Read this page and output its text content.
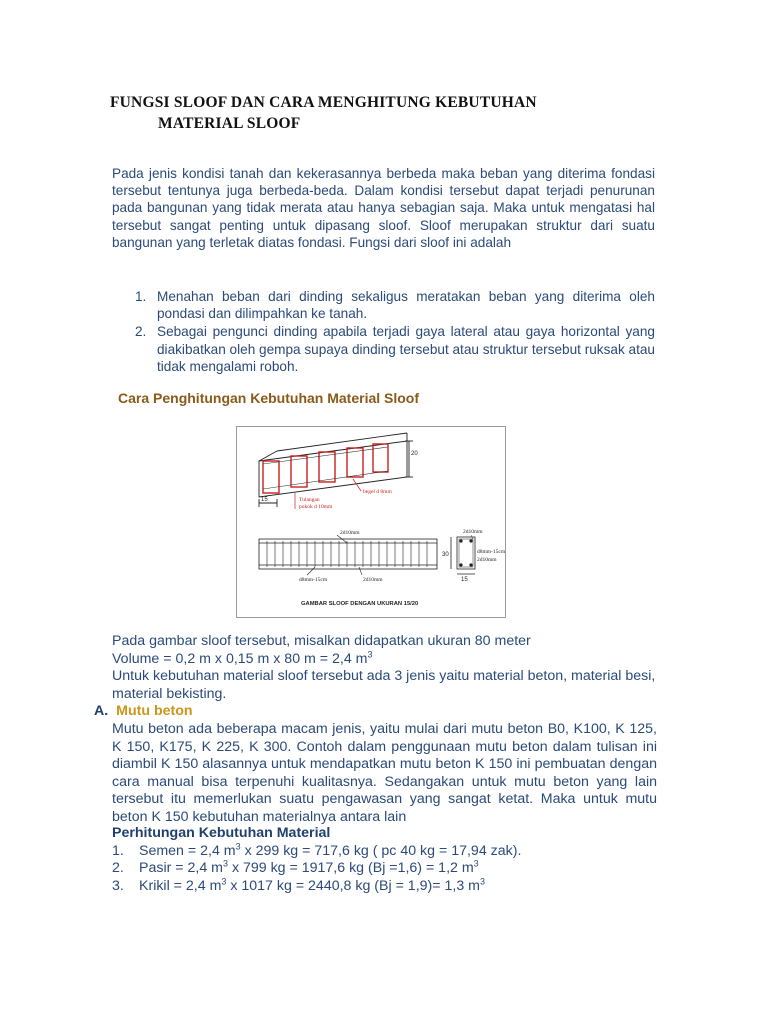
FUNGSI SLOOF DAN CARA MENGHITUNG KEBUTUHAN
MATERIAL SLOOF
Pada jenis kondisi tanah dan kekerasannya berbeda maka beban yang diterima fondasi tersebut tentunya juga berbeda-beda. Dalam kondisi tersebut dapat terjadi penurunan pada bangunan yang tidak merata atau hanya sebagian saja. Maka untuk mengatasi hal tersebut sangat penting untuk dipasang sloof. Sloof merupakan struktur dari suatu bangunan yang terletak diatas fondasi. Fungsi dari sloof ini adalah
1. Menahan beban dari dinding sekaligus meratakan beban yang diterima oleh pondasi dan dilimpahkan ke tanah.
2. Sebagai pengunci dinding apabila terjadi gaya lateral atau gaya horizontal yang diakibatkan oleh gempa supaya dinding tersebut atau struktur tersebut ruksak atau tidak mengalami roboh.
Cara Penghitungan Kebutuhan Material Sloof
20
15
begel d 8mm
Tulangan
pokok d 10mm
2d10mm
d8mm-15cm	2d10mm
2d10mm
d8mm-15cm
2d10mm
30
15
GAMBAR SLOOF DENGAN UKURAN 15/20
Pada gambar sloof tersebut, misalkan didapatkan ukuran 80 meter
Volume = 0,2 m x 0,15 m x 80 m = 2,4 $m^3$
Untuk kebutuhan material sloof tersebut ada 3 jenis yaitu material beton, material besi, material bekisting.
A. Mutu beton
Mutu beton ada beberapa macam jenis, yaitu mulai dari mutu beton B0, K100, K 125, K 150, K175, K 225, K 300. Contoh dalam penggunaan mutu beton dalam tulisan ini diambil K 150 alasannya untuk mendapatkan mutu beton K 150 ini pembuatan dengan cara manual bisa terpenuhi kualitasnya. Sedangakan untuk mutu beton yang lain tersebut itu memerlukan suatu pengawasan yang sangat ketat. Maka untuk mutu beton K 150 kebutuhan materialnya antara lain
Perhitungan Kebutuhan Material
1.	Semen = 2,4 $m^3$ x 299 kg = 717,6 kg ( pc 40 kg = 17,94 zak).
2.	Pasir = 2,4 $m^3$ x 799 kg = 1917,6 kg (Bj =1,6) = 1,2 $m^3$
3.	Krikil = 2,4 $m^3$ x 1017 kg = 2440,8 kg (Bj = 1,9)= 1,3 $m^3$
